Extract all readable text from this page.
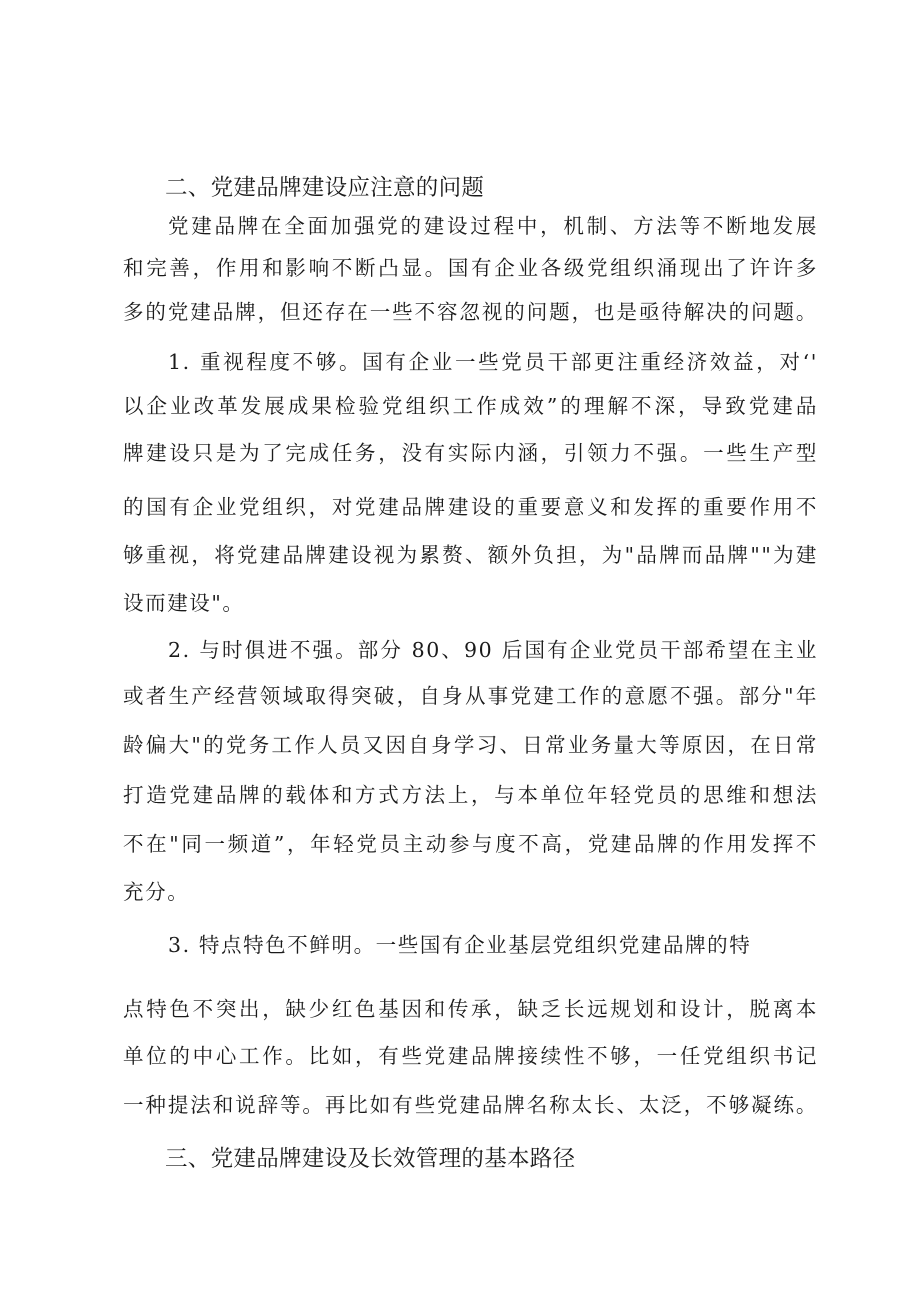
二、党建品牌建设应注意的问题
党建品牌在全面加强党的建设过程中，机制、方法等不断地发展
和完善，作用和影响不断凸显。国有企业各级党组织涌现出了许许多
多的党建品牌，但还存在一些不容忽视的问题，也是亟待解决的问题。
1. 重视程度不够。国有企业一些党员干部更注重经济效益，对‘'
以企业改革发展成果检验党组织工作成效”的理解不深，导致党建品
牌建设只是为了完成任务，没有实际内涵，引领力不强。一些生产型
的国有企业党组织，对党建品牌建设的重要意义和发挥的重要作用不
够重视，将党建品牌建设视为累赘、额外负担，为"品牌而品牌""为建
设而建设"。
2. 与时俱进不强。部分 80、90 后国有企业党员干部希望在主业
或者生产经营领域取得突破，自身从事党建工作的意愿不强。部分"年
龄偏大"的党务工作人员又因自身学习、日常业务量大等原因，在日常
打造党建品牌的载体和方式方法上，与本单位年轻党员的思维和想法
不在"同一频道”，年轻党员主动参与度不高，党建品牌的作用发挥不
充分。
3. 特点特色不鲜明。一些国有企业基层党组织党建品牌的特
点特色不突出，缺少红色基因和传承，缺乏长远规划和设计，脱离本
单位的中心工作。比如，有些党建品牌接续性不够，一任党组织书记
一种提法和说辞等。再比如有些党建品牌名称太长、太泛，不够凝练。
三、党建品牌建设及长效管理的基本路径
